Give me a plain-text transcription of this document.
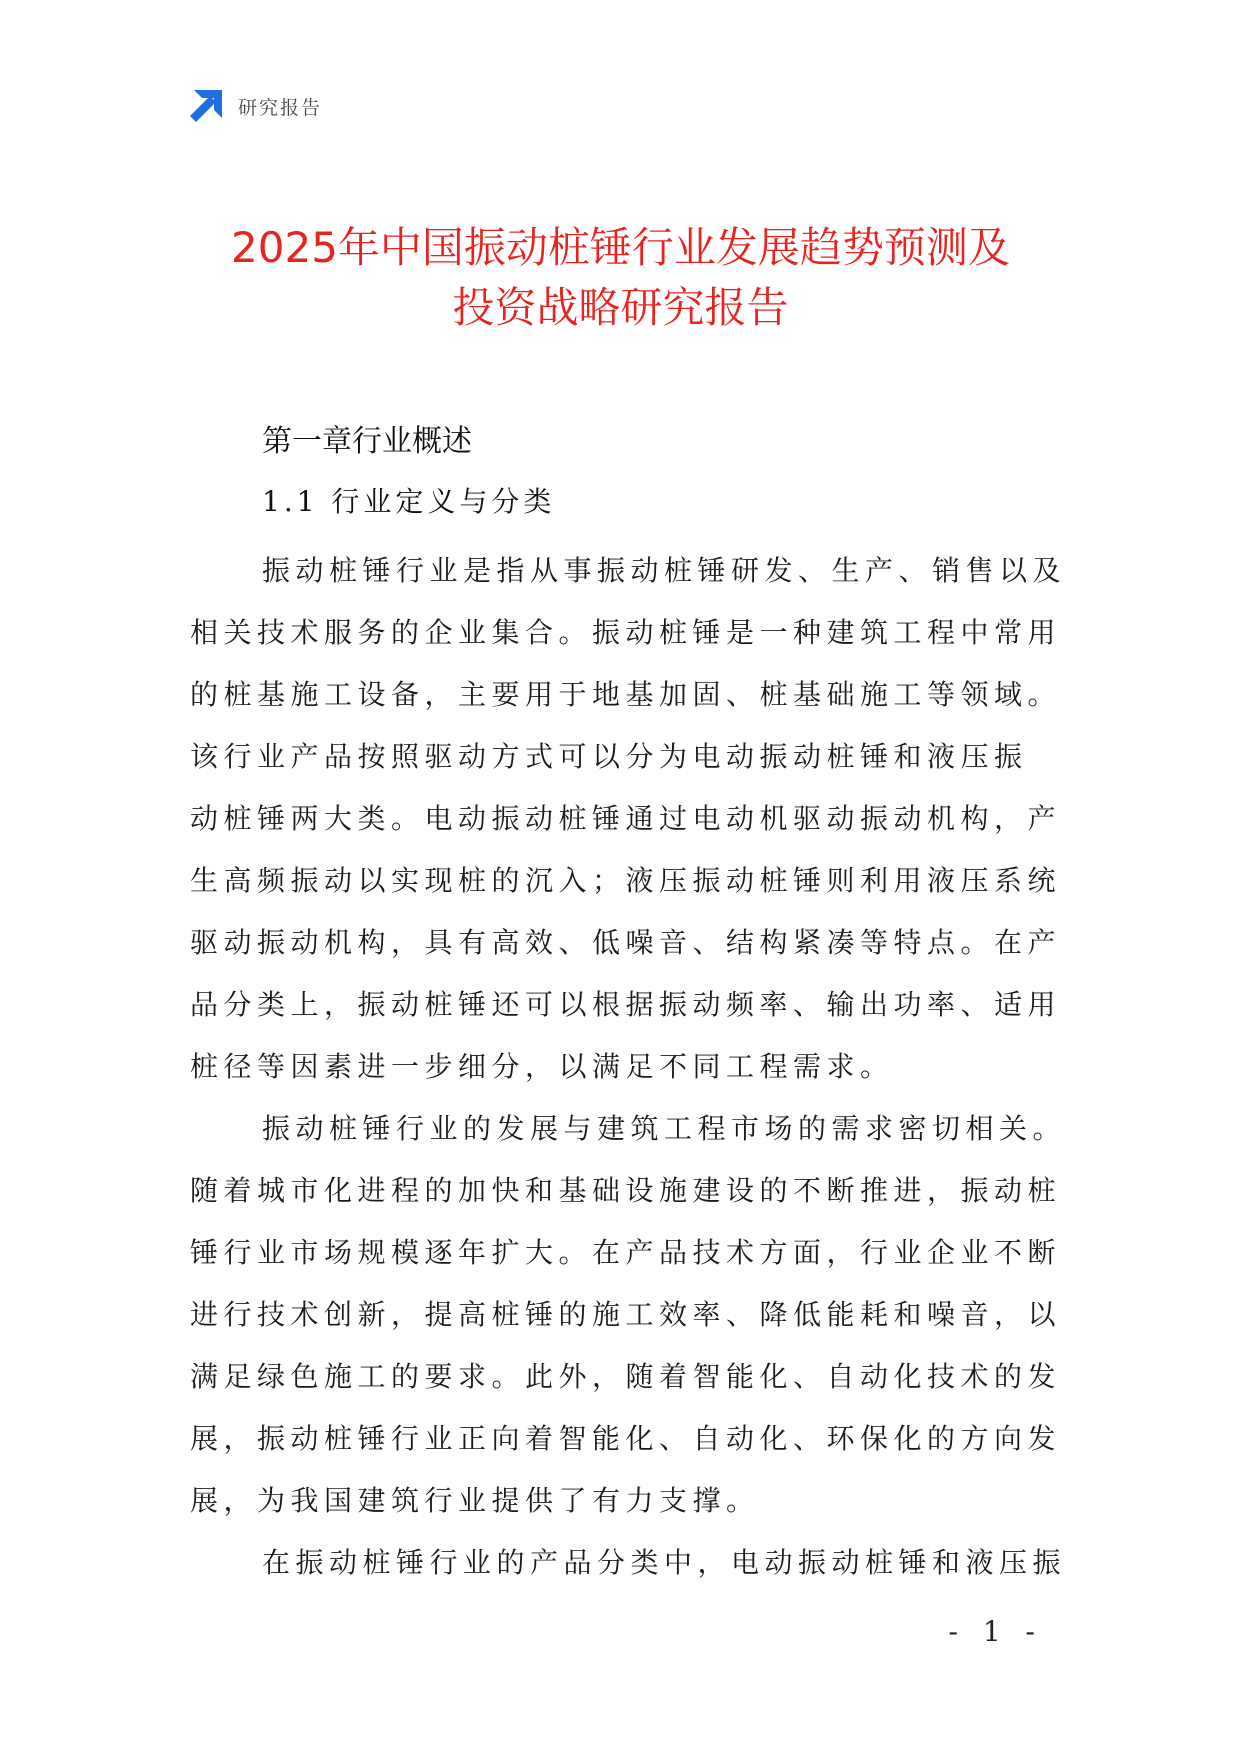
研究报告
2025年中国振动桩锤行业发展趋势预测及
投资战略研究报告
第一章行业概述
1.1 行业定义与分类

振动桩锤行业是指从事振动桩锤研发、生产、销售以及
相关技术服务的企业集合。振动桩锤是一种建筑工程中常用
的桩基施工设备，主要用于地基加固、桩基础施工等领域。
该行业产品按照驱动方式可以分为电动振动桩锤和液压振
动桩锤两大类。电动振动桩锤通过电动机驱动振动机构，产
生高频振动以实现桩的沉入；液压振动桩锤则利用液压系统
驱动振动机构，具有高效、低噪音、结构紧凑等特点。在产
品分类上，振动桩锤还可以根据振动频率、输出功率、适用
桩径等因素进一步细分，以满足不同工程需求。

振动桩锤行业的发展与建筑工程市场的需求密切相关。
随着城市化进程的加快和基础设施建设的不断推进，振动桩
锤行业市场规模逐年扩大。在产品技术方面，行业企业不断
进行技术创新，提高桩锤的施工效率、降低能耗和噪音，以
满足绿色施工的要求。此外，随着智能化、自动化技术的发
展，振动桩锤行业正向着智能化、自动化、环保化的方向发
展，为我国建筑行业提供了有力支撑。

在振动桩锤行业的产品分类中，电动振动桩锤和液压振

- 1 -
